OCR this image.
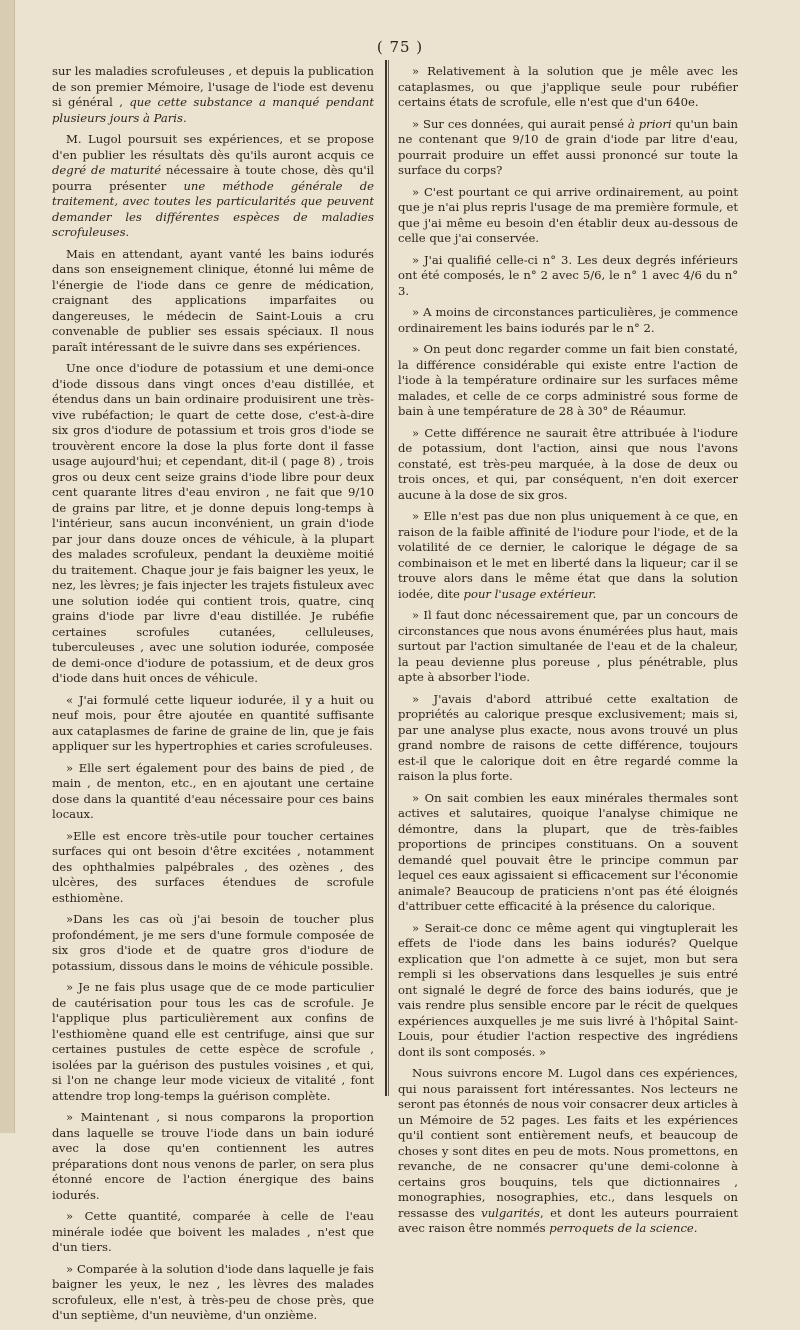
( 75 )

sur les maladies scrofuleuses , et depuis la publication de son premier Mémoire, l'usage de l'iode est devenu si général , que cette substance a manqué pendant plusieurs jours à Paris.

M. Lugol poursuit ses expériences, et se propose d'en publier les résultats dès qu'ils auront acquis ce degré de maturité nécessaire à toute chose, dès qu'il pourra présenter une méthode générale de traitement, avec toutes les particularités que peuvent demander les différentes espèces de maladies scrofuleuses.

Mais en attendant, ayant vanté les bains iodurés dans son enseignement clinique, étonné lui même de l'énergie de l'iode dans ce genre de médication, craignant des applications imparfaites ou dangereuses, le médecin de Saint-Louis a cru convenable de publier ses essais spéciaux. Il nous paraît intéressant de le suivre dans ses expériences.

Une once d'iodure de potassium et une demi-once d'iode dissous dans vingt onces d'eau distillée, et étendus dans un bain ordinaire produisirent une très-vive rubéfaction; le quart de cette dose, c'est-à-dire six gros d'iodure de potassium et trois gros d'iode se trouvèrent encore la dose la plus forte dont il fasse usage aujourd'hui; et cependant, dit-il ( page 8) , trois gros ou deux cent seize grains d'iode libre pour deux cent quarante litres d'eau environ , ne fait que 9/10 de grains par litre, et je donne depuis long-temps à l'intérieur, sans aucun inconvénient, un grain d'iode par jour dans douze onces de véhicule, à la plupart des malades scrofuleux, pendant la deuxième moitié du traitement. Chaque jour je fais baigner les yeux, le nez, les lèvres; je fais injecter les trajets fistuleux avec une solution iodée qui contient trois, quatre, cinq grains d'iode par livre d'eau distillée. Je rubéfie certaines scrofules cutanées, celluleuses, tuberculeuses , avec une solution iodurée, composée de demi-once d'iodure de potassium, et de deux gros d'iode dans huit onces de véhicule.

« J'ai formulé cette liqueur iodurée, il y a huit ou neuf mois, pour être ajoutée en quantité suffisante aux cataplasmes de farine de graine de lin, que je fais appliquer sur les hypertrophies et caries scrofuleuses.

» Elle sert également pour des bains de pied , de main , de menton, etc., en en ajoutant une certaine dose dans la quantité d'eau nécessaire pour ces bains locaux.

»Elle est encore très-utile pour toucher certaines surfaces qui ont besoin d'être excitées , notamment des ophthalmies palpébrales , des ozènes , des ulcères, des surfaces étendues de scrofule esthiomène.

»Dans les cas où j'ai besoin de toucher plus profondément, je me sers d'une formule composée de six gros d'iode et de quatre gros d'iodure de potassium, dissous dans le moins de véhicule possible.

» Je ne fais plus usage que de ce mode particulier de cautérisation pour tous les cas de scrofule. Je l'applique plus particulièrement aux confins de l'esthiomène quand elle est centrifuge, ainsi que sur certaines pustules de cette espèce de scrofule , isolées par la guérison des pustules voisines , et qui, si l'on ne change leur mode vicieux de vitalité , font attendre trop long-temps la guérison complète.

» Maintenant , si nous comparons la proportion dans laquelle se trouve l'iode dans un bain ioduré avec la dose qu'en contiennent les autres préparations dont nous venons de parler, on sera plus étonné encore de l'action énergique des bains iodurés.

» Cette quantité, comparée à celle de l'eau minérale iodée que boivent les malades , n'est que d'un tiers.

» Comparée à la solution d'iode dans laquelle je fais baigner les yeux, le nez , les lèvres des malades scrofuleux, elle n'est, à très-peu de chose près, que d'un septième, d'un neuvième, d'un onzième.

» Relativement à la solution que je mêle avec les cataplasmes, ou que j'applique seule pour rubéfier certains états de scrofule, elle n'est que d'un 640e.

» Sur ces données, qui aurait pensé à priori qu'un bain ne contenant que 9/10 de grain d'iode par litre d'eau, pourrait produire un effet aussi prononcé sur toute la surface du corps?

» C'est pourtant ce qui arrive ordinairement, au point que je n'ai plus repris l'usage de ma première formule, et que j'ai même eu besoin d'en établir deux au-dessous de celle que j'ai conservée.

» J'ai qualifié celle-ci n° 3. Les deux degrés inférieurs ont été composés, le n° 2 avec 5/6, le n° 1 avec 4/6 du n° 3.

» A moins de circonstances particulières, je commence ordinairement les bains iodurés par le n° 2.

» On peut donc regarder comme un fait bien constaté, la différence considérable qui existe entre l'action de l'iode à la température ordinaire sur les surfaces même malades, et celle de ce corps administré sous forme de bain à une température de 28 à 30° de Réaumur.

» Cette différence ne saurait être attribuée à l'iodure de potassium, dont l'action, ainsi que nous l'avons constaté, est très-peu marquée, à la dose de deux ou trois onces, et qui, par conséquent, n'en doit exercer aucune à la dose de six gros.

» Elle n'est pas due non plus uniquement à ce que, en raison de la faible affinité de l'iodure pour l'iode, et de la volatilité de ce dernier, le calorique le dégage de sa combinaison et le met en liberté dans la liqueur; car il se trouve alors dans le même état que dans la solution iodée, dite pour l'usage extérieur.

» Il faut donc nécessairement que, par un concours de circonstances que nous avons énumérées plus haut, mais surtout par l'action simultanée de l'eau et de la chaleur, la peau devienne plus poreuse , plus pénétrable, plus apte à absorber l'iode.

» J'avais d'abord attribué cette exaltation de propriétés au calorique presque exclusivement; mais si, par une analyse plus exacte, nous avons trouvé un plus grand nombre de raisons de cette différence, toujours est-il que le calorique doit en être regardé comme la raison la plus forte.

» On sait combien les eaux minérales thermales sont actives et salutaires, quoique l'analyse chimique ne démontre, dans la plupart, que de très-faibles proportions de principes constituans. On a souvent demandé quel pouvait être le principe commun par lequel ces eaux agissaient si efficacement sur l'économie animale? Beaucoup de praticiens n'ont pas été éloignés d'attribuer cette efficacité à la présence du calorique.

» Serait-ce donc ce même agent qui vingtuplerait les effets de l'iode dans les bains iodurés? Quelque explication que l'on admette à ce sujet, mon but sera rempli si les observations dans lesquelles je suis entré ont signalé le degré de force des bains iodurés, que je vais rendre plus sensible encore par le récit de quelques expériences auxquelles je me suis livré à l'hôpital Saint-Louis, pour étudier l'action respective des ingrédiens dont ils sont composés. »

Nous suivrons encore M. Lugol dans ces expériences, qui nous paraissent fort intéressantes. Nos lecteurs ne seront pas étonnés de nous voir consacrer deux articles à un Mémoire de 52 pages. Les faits et les expériences qu'il contient sont entièrement neufs, et beaucoup de choses y sont dites en peu de mots. Nous promettons, en revanche, de ne consacrer qu'une demi-colonne à certains gros bouquins, tels que dictionnaires , monographies, nosographies, etc., dans lesquels on ressasse des vulgarités, et dont les auteurs pourraient avec raison être nommés perroquets de la science.
